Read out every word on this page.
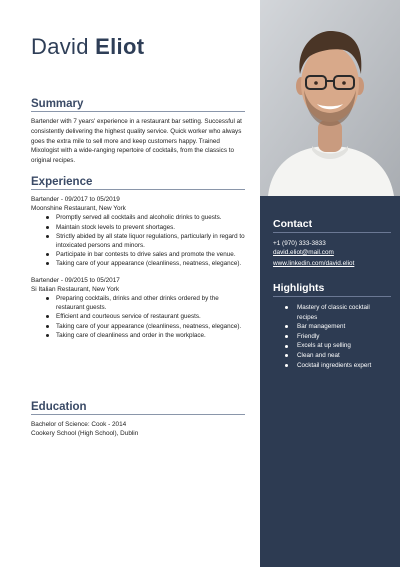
David Eliot
Summary
Bartender with 7 years' experience in a restaurant bar setting. Successful at consistently delivering the highest quality service. Quick worker who always goes the extra mile to sell more and keep customers happy. Trained Mixologist with a wide-ranging repertoire of cocktails, from the classics to original recipes.
Experience
Bartender - 09/2017 to 05/2019
Moonshine Restaurant, New York
Promptly served all cocktails and alcoholic drinks to guests.
Maintain stock levels to prevent shortages.
Strictly abided by all state liquor regulations, particularly in regard to intoxicated persons and minors.
Participate in bar contests to drive sales and promote the venue.
Taking care of your appearance (cleanliness, neatness, elegance).
Bartender - 09/2015 to 05/2017
Si Italian Restaurant, New York
Preparing cocktails, drinks and other drinks ordered by the restaurant guests.
Efficient and courteous service of restaurant guests.
Taking care of your appearance (cleanliness, neatness, elegance).
Taking care of cleanliness and order in the workplace.
Education
Bachelor of Science: Cook - 2014
Cookery School (High School), Dublin
Contact
+1 (970) 333-3833
david.eliot@mail.com
www.linkedin.com/david.eliot
Highlights
Mastery of classic cocktail recipes
Bar management
Friendly
Excels at up selling
Clean and neat
Cocktail ingredients expert
